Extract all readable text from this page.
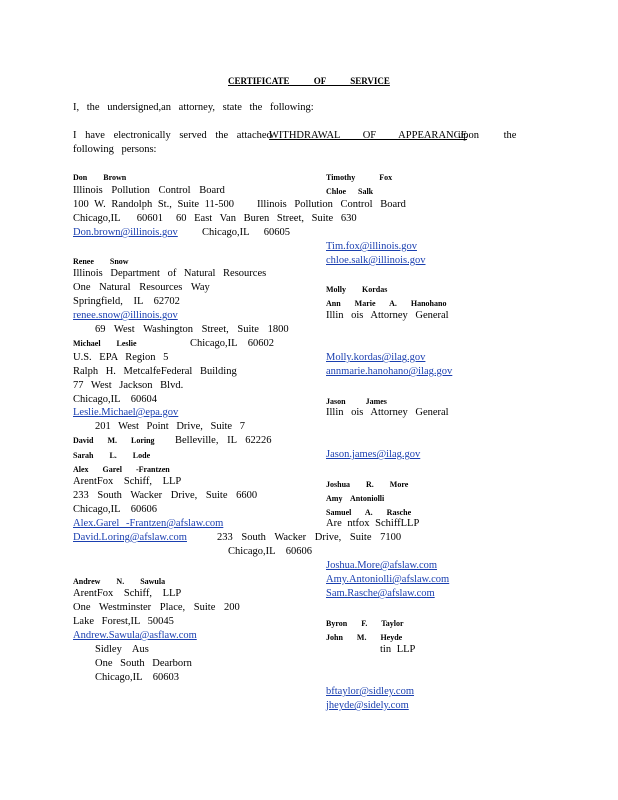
CERTIFICATE OF SERVICE
I, the undersigned,an attorney, state the following:
I have electronically served the attached
WITHDRAWAL OF APPEARANCE
upon the
following persons:
Don Brown
Illinois Pollution Control Board
100 W. Randolph St., Suite 11-500
Chicago,IL 60601
Don.brown@illinois.gov
Renee Snow
Illinois Department of Natural Resources
One Natural Resources Way
Springfield, IL 62702
renee.snow@illinois.gov
69 West Washington Street, Suite 1800
Michael Leslie	Chicago,IL 60602
U.S. EPA Region 5
Ralph H. MetcalfeFederal Building
77 West Jackson Blvd.
Chicago,IL 60604
Leslie.Michael@epa.gov
201 West Point Drive, Suite 7
David M. Loring Belleville, IL 62226
Sarah L. Lode
Alex Garel -Frantzen
ArentFox Schiff, LLP
233 South Wacker Drive, Suite 6600
Chicago,IL 60606
Alex.Garel -Frantzen@afslaw.com
David.Loring@afslaw.com
Andrew N. Sawula
ArentFox Schiff, LLP
One Westminster Place, Suite 200
Lake Forest,IL 50045
Andrew.Sawula@asflaw.com
Sidley Aus
One South Dearborn
Chicago,IL 60603
Timothy Fox
Chloe Salk
Illinois Pollution Control Board
60 East Van Buren Street, Suite 630
Chicago,IL 60605
Tim.fox@illinois.gov
chloe.salk@illinois.gov
Molly Kordas
Ann Marie A. Hanohano
Illin ois Attorney General
Molly.kordas@ilag.gov
annmarie.hanohano@ilag.gov
Jason James
Illin ois Attorney General
Jason.james@ilag.gov
Joshua R. More
Amy Antoniolli
Samuel A. Rasche
Are ntfox SchiffLLP
233 South Wacker Drive, Suite 7100
Chicago,IL 60606
Joshua.More@afslaw.com
Amy.Antoniolli@afslaw.com
Sam.Rasche@afslaw.com
Byron F. Taylor
John M. Heyde
tin LLP
bftaylor@sidley.com
jheyde@sidely.com
